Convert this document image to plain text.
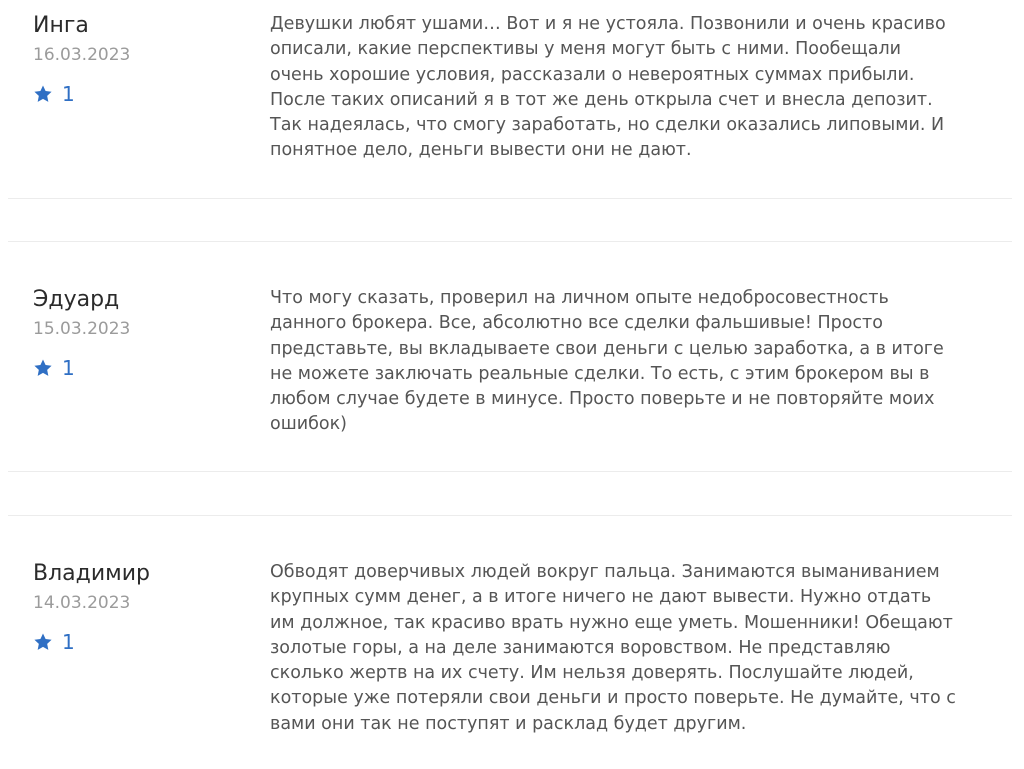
Инга
16.03.2023
1

Девушки любят ушами… Вот и я не устояла. Позвонили и очень красиво описали, какие перспективы у меня могут быть с ними. Пообещали очень хорошие условия, рассказали о невероятных суммах прибыли. После таких описаний я в тот же день открыла счет и внесла депозит. Так надеялась, что смогу заработать, но сделки оказались липовыми. И понятное дело, деньги вывести они не дают.

Эдуард
15.03.2023
1

Что могу сказать, проверил на личном опыте недобросовестность данного брокера. Все, абсолютно все сделки фальшивые! Просто представьте, вы вкладываете свои деньги с целью заработка, а в итоге не можете заключать реальные сделки. То есть, с этим брокером вы в любом случае будете в минусе. Просто поверьте и не повторяйте моих ошибок)

Владимир
14.03.2023
1

Обводят доверчивых людей вокруг пальца. Занимаются выманиванием крупных сумм денег, а в итоге ничего не дают вывести. Нужно отдать им должное, так красиво врать нужно еще уметь. Мошенники! Обещают золотые горы, а на деле занимаются воровством. Не представляю сколько жертв на их счету. Им нельзя доверять. Послушайте людей, которые уже потеряли свои деньги и просто поверьте. Не думайте, что с вами они так не поступят и расклад будет другим.
